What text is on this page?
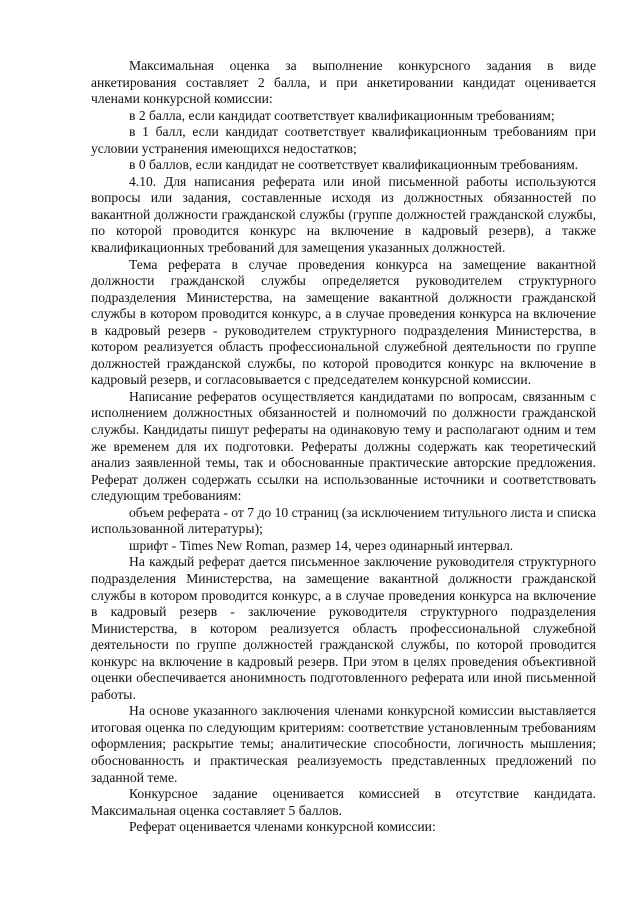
Максимальная оценка за выполнение конкурсного задания в виде анкетирования составляет 2 балла, и при анкетировании кандидат оценивается членами конкурсной комиссии:

в 2 балла, если кандидат соответствует квалификационным требованиям;

в 1 балл, если кандидат соответствует квалификационным требованиям при условии устранения имеющихся недостатков;

в 0 баллов, если кандидат не соответствует квалификационным требованиям.

4.10. Для написания реферата или иной письменной работы используются вопросы или задания, составленные исходя из должностных обязанностей по вакантной должности гражданской службы (группе должностей гражданской службы, по которой проводится конкурс на включение в кадровый резерв), а также квалификационных требований для замещения указанных должностей.

Тема реферата в случае проведения конкурса на замещение вакантной должности гражданской службы определяется руководителем структурного подразделения Министерства, на замещение вакантной должности гражданской службы в котором проводится конкурс, а в случае проведения конкурса на включение в кадровый резерв - руководителем структурного подразделения Министерства, в котором реализуется область профессиональной служебной деятельности по группе должностей гражданской службы, по которой проводится конкурс на включение в кадровый резерв, и согласовывается с председателем конкурсной комиссии.

Написание рефератов осуществляется кандидатами по вопросам, связанным с исполнением должностных обязанностей и полномочий по должности гражданской службы. Кандидаты пишут рефераты на одинаковую тему и располагают одним и тем же временем для их подготовки. Рефераты должны содержать как теоретический анализ заявленной темы, так и обоснованные практические авторские предложения. Реферат должен содержать ссылки на использованные источники и соответствовать следующим требованиям:

объем реферата - от 7 до 10 страниц (за исключением титульного листа и списка использованной литературы);

шрифт - Times New Roman, размер 14, через одинарный интервал.

На каждый реферат дается письменное заключение руководителя структурного подразделения Министерства, на замещение вакантной должности гражданской службы в котором проводится конкурс, а в случае проведения конкурса на включение в кадровый резерв - заключение руководителя структурного подразделения Министерства, в котором реализуется область профессиональной служебной деятельности по группе должностей гражданской службы, по которой проводится конкурс на включение в кадровый резерв. При этом в целях проведения объективной оценки обеспечивается анонимность подготовленного реферата или иной письменной работы.

На основе указанного заключения членами конкурсной комиссии выставляется итоговая оценка по следующим критериям: соответствие установленным требованиям оформления; раскрытие темы; аналитические способности, логичность мышления; обоснованность и практическая реализуемость представленных предложений по заданной теме.

Конкурсное задание оценивается комиссией в отсутствие кандидата. Максимальная оценка составляет 5 баллов.

Реферат оценивается членами конкурсной комиссии:
